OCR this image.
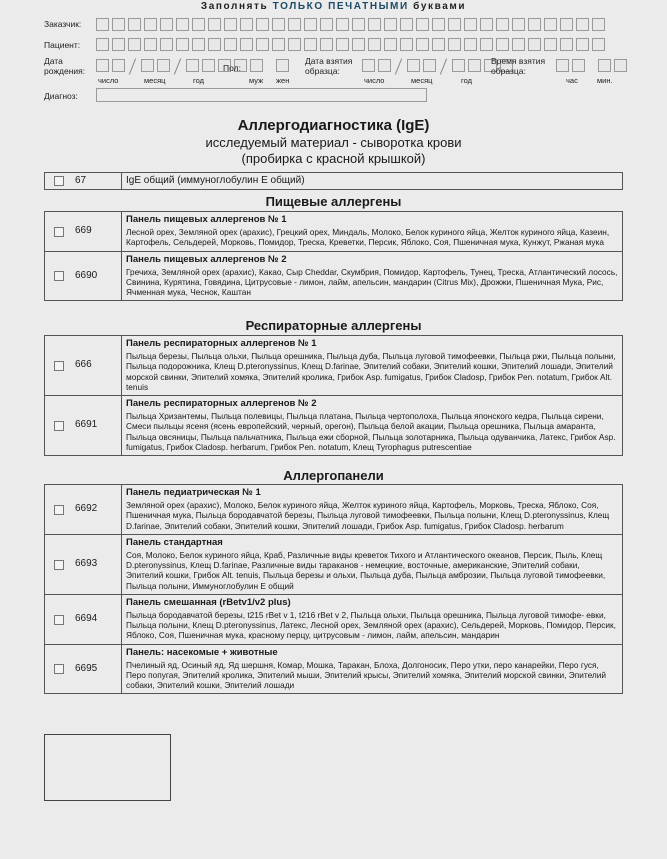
Заполнять ТОЛЬКО ПЕЧАТНЫМИ буквами
Заказчик:
Пациент:
Дата
рождения:
число	месяц	год
Пол:
муж жен
Дата взятия
образца:
число	месяц	год
Время взятия
образца:
час	мин.
Диагноз:
Аллергодиагностика (IgE)
исследуемый материал - сыворотка крови
(пробирка с красной крышкой)
	67	IgE общий (иммуноглобулин Е общий)
Пищевые аллергены
	669	Панель пищевых аллергенов № 1
Лесной орех, Земляной орех (арахис), Грецкий орех, Миндаль, Молоко, Белок куриного яйца, Желток куриного яйца, Казеин, Картофель, Сельдерей, Морковь, Помидор, Треска, Креветки, Персик, Яблоко, Соя, Пшеничная мука, Кунжут, Ржаная мука
	6690	Панель пищевых аллергенов № 2
Гречиха, Земляной орех (арахис), Какао, Сыр Cheddar, Скумбрия, Помидор, Картофель, Тунец, Треска, Атлантический лосось, Свинина, Курятина, Говядина, Цитрусовые - лимон, лайм, апельсин, мандарин (Citrus Mix), Дрожжи, Пшеничная Мука, Рис, Ячменная мука, Чеснок, Каштан
Респираторные аллергены
	666	Панель респираторных аллергенов № 1
Пыльца березы, Пыльца ольхи, Пыльца орешника, Пыльца дуба, Пыльца луговой тимофеевки, Пыльца ржи, Пыльца полыни, Пыльца подорожника, Клещ D.pteronyssinus, Клещ D.farinae, Эпителий собаки, Эпителий кошки, Эпителий лошади, Эпителий морской свинки, Эпителий хомяка, Эпителий кролика, Грибок Asp. fumigatus, Грибок Cladosp, Грибок Pen. notatum, Грибок Alt. tenuis
	6691	Панель респираторных аллергенов № 2
Пыльца Хризантемы, Пыльца полевицы, Пыльца платана, Пыльца чертополоха, Пыльца японского кедра, Пыльца сирени, Смеси пыльцы ясеня (ясень европейский, черный, орегон), Пыльца белой акации, Пыльца орешника, Пыльца амаранта, Пыльца овсяницы, Пыльца пальчатника, Пыльца ежи сборной, Пыльца золотарника, Пыльца одуванчика, Латекс, Грибок Asp. fumigatus, Грибок Cladosp. herbarum, Грибок Pen. notatum, Клещ Tyrophagus putrescentiae
Аллергопанели
	6692	Панель педиатрическая № 1
Земляной орех (арахис), Молоко, Белок куриного яйца, Желток куриного яйца, Картофель, Морковь, Треска, Яблоко, Соя, Пшеничная мука, Пыльца бородавчатой березы, Пыльца луговой тимофеевки, Пыльца полыни, Клещ D.pteronyssinus, Клещ D.farinae, Эпителий собаки, Эпителий кошки, Эпителий лошади, Грибок Asp. fumigatus, Грибок Cladosp. herbarum
	6693	Панель стандартная
Соя, Молоко, Белок куриного яйца, Краб, Различные виды креветок Тихого и Атлантического океанов, Персик, Пыль, Клещ D.pteronyssinus, Клещ D.farinae, Различные виды тараканов - немецкие, восточные, американские, Эпителий собаки, Эпителий кошки, Грибок Alt. tenuis, Пыльца березы и ольхи, Пыльца дуба, Пыльца амброзии, Пыльца луговой тимофеевки, Пыльца полыни, Иммуноглобулин Е общий
	6694	Панель смешанная (rBetv1/v2 plus)
Пыльца бородавчатой березы, t215 rBet v 1, t216 rBet v 2, Пыльца ольхи, Пыльца орешника, Пыльца луговой тимофе- евки, Пыльца полыни, Клещ D.pteronyssinus, Латекс, Лесной орех, Земляной орех (арахис), Сельдерей, Морковь, Помидор, Персик, Яблоко, Соя, Пшеничная мука, красному перцу, цитрусовым - лимон, лайм, апельсин, мандарин
	6695	Панель: насекомые + животные
Пчелиный яд, Осиный яд, Яд шершня, Комар, Мошка, Таракан, Блоха, Долгоносик, Перо утки, перо канарейки, Перо гуся, Перо попугая, Эпителий кролика, Эпителий мыши, Эпителий крысы, Эпителий хомяка, Эпителий морской свинки, Эпителий собаки, Эпителий кошки, Эпителий лошади
